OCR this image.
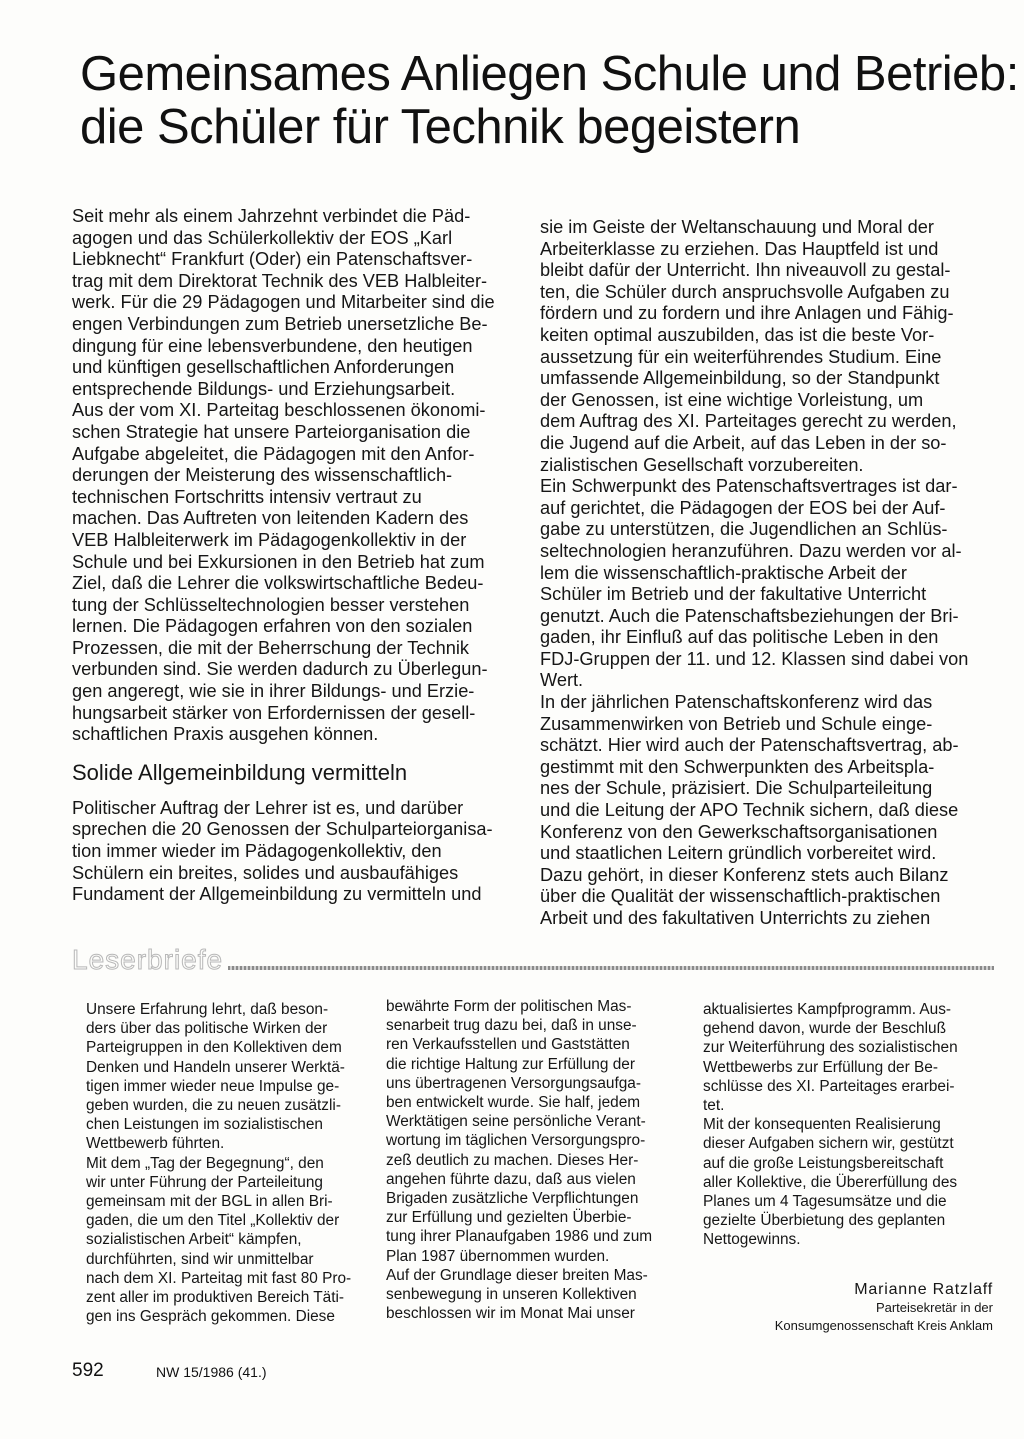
Gemeinsames Anliegen Schule und Betrieb:
die Schüler für Technik begeistern
Seit mehr als einem Jahrzehnt verbindet die Päd-
agogen und das Schülerkollektiv der EOS „Karl
Liebknecht“ Frankfurt (Oder) ein Patenschaftsver-
trag mit dem Direktorat Technik des VEB Halbleiter-
werk. Für die 29 Pädagogen und Mitarbeiter sind die
engen Verbindungen zum Betrieb unersetzliche Be-
dingung für eine lebensverbundene, den heutigen
und künftigen gesellschaftlichen Anforderungen
entsprechende Bildungs- und Erziehungsarbeit.
Aus der vom XI. Parteitag beschlossenen ökonomi-
schen Strategie hat unsere Parteiorganisation die
Aufgabe abgeleitet, die Pädagogen mit den Anfor-
derungen der Meisterung des wissenschaftlich-
technischen Fortschritts intensiv vertraut zu
machen. Das Auftreten von leitenden Kadern des
VEB Halbleiterwerk im Pädagogenkollektiv in der
Schule und bei Exkursionen in den Betrieb hat zum
Ziel, daß die Lehrer die volkswirtschaftliche Bedeu-
tung der Schlüsseltechnologien besser verstehen
lernen. Die Pädagogen erfahren von den sozialen
Prozessen, die mit der Beherrschung der Technik
verbunden sind. Sie werden dadurch zu Überlegun-
gen angeregt, wie sie in ihrer Bildungs- und Erzie-
hungsarbeit stärker von Erfordernissen der gesell-
schaftlichen Praxis ausgehen können.
Solide Allgemeinbildung vermitteln
Politischer Auftrag der Lehrer ist es, und darüber
sprechen die 20 Genossen der Schulparteiorganisa-
tion immer wieder im Pädagogenkollektiv, den
Schülern ein breites, solides und ausbaufähiges
Fundament der Allgemeinbildung zu vermitteln und
sie im Geiste der Weltanschauung und Moral der
Arbeiterklasse zu erziehen. Das Hauptfeld ist und
bleibt dafür der Unterricht. Ihn niveauvoll zu gestal-
ten, die Schüler durch anspruchsvolle Aufgaben zu
fördern und zu fordern und ihre Anlagen und Fähig-
keiten optimal auszubilden, das ist die beste Vor-
aussetzung für ein weiterführendes Studium. Eine
umfassende Allgemeinbildung, so der Standpunkt
der Genossen, ist eine wichtige Vorleistung, um
dem Auftrag des XI. Parteitages gerecht zu werden,
die Jugend auf die Arbeit, auf das Leben in der so-
zialistischen Gesellschaft vorzubereiten.
Ein Schwerpunkt des Patenschaftsvertrages ist dar-
auf gerichtet, die Pädagogen der EOS bei der Auf-
gabe zu unterstützen, die Jugendlichen an Schlüs-
seltechnologien heranzuführen. Dazu werden vor al-
lem die wissenschaftlich-praktische Arbeit der
Schüler im Betrieb und der fakultative Unterricht
genutzt. Auch die Patenschaftsbeziehungen der Bri-
gaden, ihr Einfluß auf das politische Leben in den
FDJ-Gruppen der 11. und 12. Klassen sind dabei von
Wert.
In der jährlichen Patenschaftskonferenz wird das
Zusammenwirken von Betrieb und Schule einge-
schätzt. Hier wird auch der Patenschaftsvertrag, ab-
gestimmt mit den Schwerpunkten des Arbeitspla-
nes der Schule, präzisiert. Die Schulparteileitung
und die Leitung der APO Technik sichern, daß diese
Konferenz von den Gewerkschaftsorganisationen
und staatlichen Leitern gründlich vorbereitet wird.
Dazu gehört, in dieser Konferenz stets auch Bilanz
über die Qualität der wissenschaftlich-praktischen
Arbeit und des fakultativen Unterrichts zu ziehen
Leserbriefe
Unsere Erfahrung lehrt, daß beson-
ders über das politische Wirken der
Parteigruppen in den Kollektiven dem
Denken und Handeln unserer Werktä-
tigen immer wieder neue Impulse ge-
geben wurden, die zu neuen zusätzli-
chen Leistungen im sozialistischen
Wettbewerb führten.
Mit dem „Tag der Begegnung“, den
wir unter Führung der Parteileitung
gemeinsam mit der BGL in allen Bri-
gaden, die um den Titel „Kollektiv der
sozialistischen Arbeit“ kämpfen,
durchführten, sind wir unmittelbar
nach dem XI. Parteitag mit fast 80 Pro-
zent aller im produktiven Bereich Täti-
gen ins Gespräch gekommen. Diese
bewährte Form der politischen Mas-
senarbeit trug dazu bei, daß in unse-
ren Verkaufsstellen und Gaststätten
die richtige Haltung zur Erfüllung der
uns übertragenen Versorgungsaufga-
ben entwickelt wurde. Sie half, jedem
Werktätigen seine persönliche Verant-
wortung im täglichen Versorgungspro-
zeß deutlich zu machen. Dieses Her-
angehen führte dazu, daß aus vielen
Brigaden zusätzliche Verpflichtungen
zur Erfüllung und gezielten Überbie-
tung ihrer Planaufgaben 1986 und zum
Plan 1987 übernommen wurden.
Auf der Grundlage dieser breiten Mas-
senbewegung in unseren Kollektiven
beschlossen wir im Monat Mai unser
aktualisiertes Kampfprogramm. Aus-
gehend davon, wurde der Beschluß
zur Weiterführung des sozialistischen
Wettbewerbs zur Erfüllung der Be-
schlüsse des XI. Parteitages erarbei-
tet.
Mit der konsequenten Realisierung
dieser Aufgaben sichern wir, gestützt
auf die große Leistungsbereitschaft
aller Kollektive, die Übererfüllung des
Planes um 4 Tagesumsätze und die
gezielte Überbietung des geplanten
Nettogewinns.
Marianne Ratzlaff
Parteisekretär in der
Konsumgenossenschaft Kreis Anklam
592	NW 15/1986 (41.)
